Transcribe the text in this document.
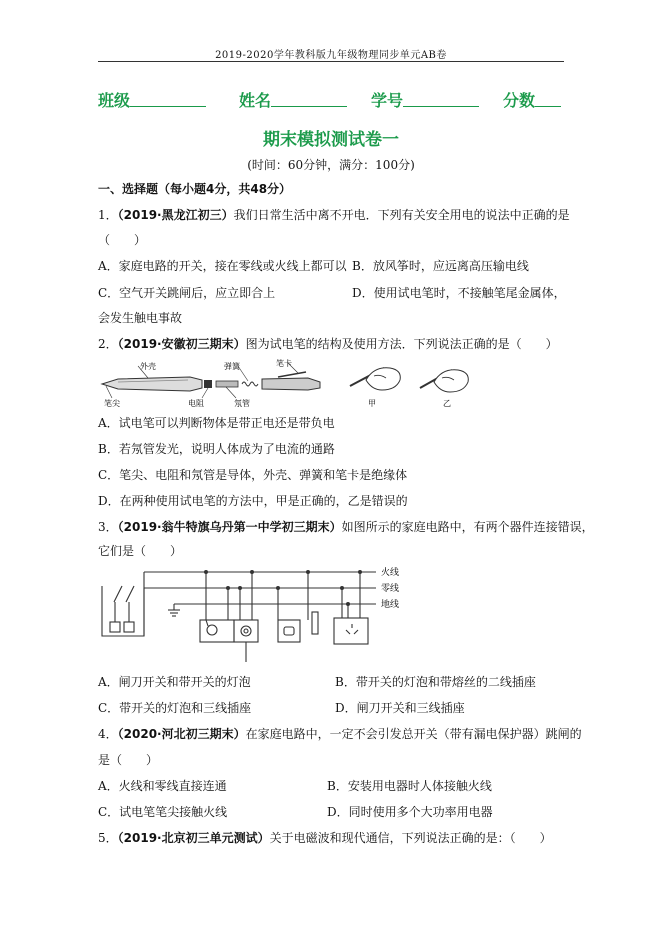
2019-2020学年教科版九年级物理同步单元AB卷
班级	姓名	学号	分数
期末模拟测试卷一
(时间：60分钟，满分：100分)
一、选择题（每小题4分，共48分）
1．（2019·黑龙江初三）我们日常生活中离不开电．下列有关安全用电的说法中正确的是
（　　）
A．家庭电路的开关，接在零线或火线上都可以 B．放风筝时，应远离高压输电线
C．空气开关跳闸后，应立即合上	D．使用试电笔时，不接触笔尾金属体，
会发生触电事故
2．（2019·安徽初三期末）图为试电笔的结构及使用方法．下列说法正确的是（　　）
外壳	弹簧	笔卡
笔尖	电阻	氖管	甲	乙
A．试电笔可以判断物体是带正电还是带负电
B．若氖管发光，说明人体成为了电流的通路
C．笔尖、电阻和氖管是导体，外壳、弹簧和笔卡是绝缘体
D．在两种使用试电笔的方法中，甲是正确的，乙是错误的
3．（2019·翁牛特旗乌丹第一中学初三期末）如图所示的家庭电路中，有两个器件连接错误，
它们是（　　）
火线
零线
地线
A．闸刀开关和带开关的灯泡	B．带开关的灯泡和带熔丝的二线插座
C．带开关的灯泡和三线插座	D．闸刀开关和三线插座
4．（2020·河北初三期末）在家庭电路中，一定不会引发总开关（带有漏电保护器）跳闸的
是（　　）
A．火线和零线直接连通	B．安装用电器时人体接触火线
C．试电笔笔尖接触火线	D．同时使用多个大功率用电器
5．（2019·北京初三单元测试）关于电磁波和现代通信，下列说法正确的是：（　　）
